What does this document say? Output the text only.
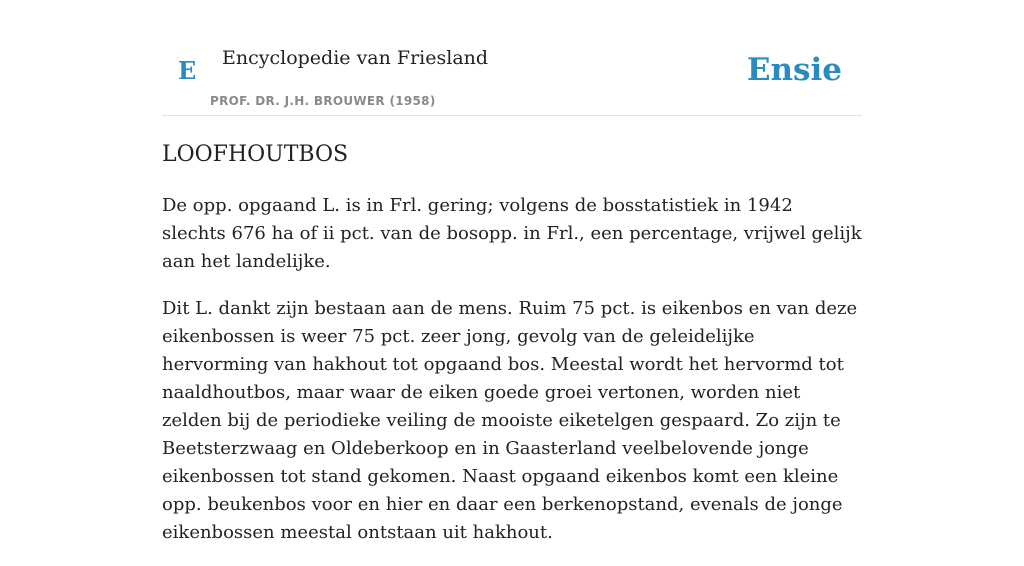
E Encyclopedie van Friesland
PROF. DR. J.H. BROUWER (1958)
Ensie
LOOFHOUTBOS

De opp. opgaand L. is in Frl. gering; volgens de bosstatistiek in 1942 slechts 676 ha of ii pct. van de bosopp. in Frl., een percentage, vrijwel gelijk aan het landelijke.

Dit L. dankt zijn bestaan aan de mens. Ruim 75 pct. is eikenbos en van deze eikenbossen is weer 75 pct. zeer jong, gevolg van de geleidelijke hervorming van hakhout tot opgaand bos. Meestal wordt het hervormd tot naaldhoutbos, maar waar de eiken goede groei vertonen, worden niet zelden bij de periodieke veiling de mooiste eiketelgen gespaard. Zo zijn te Beetsterzwaag en Oldeberkoop en in Gaasterland veelbelovende jonge eikenbossen tot stand gekomen. Naast opgaand eikenbos komt een kleine opp. beukenbos voor en hier en daar een berkenopstand, evenals de jonge eikenbossen meestal ontstaan uit hakhout.
